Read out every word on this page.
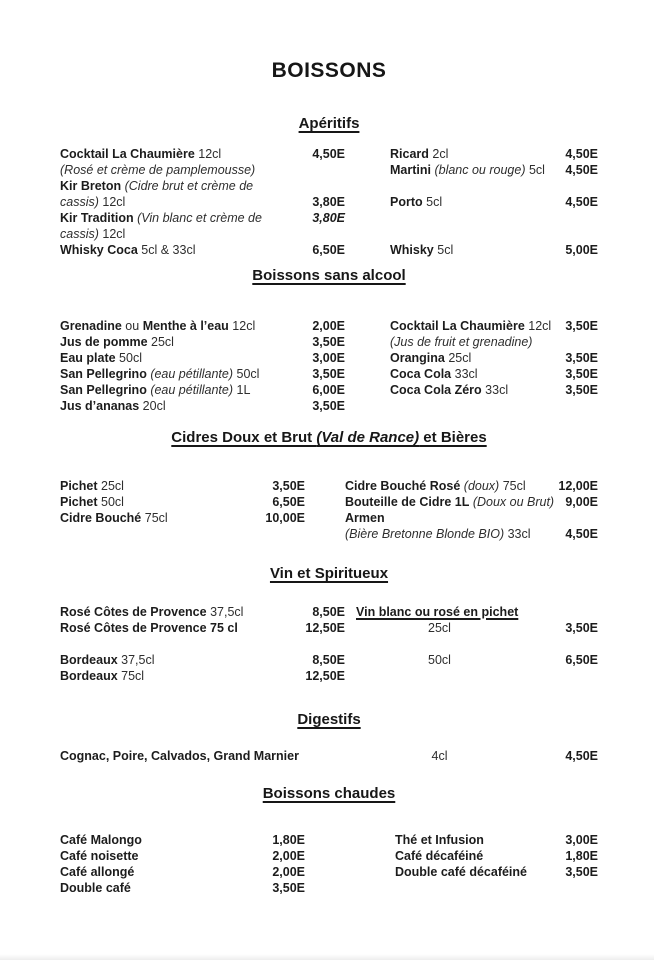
BOISSONS
Apéritifs
Cocktail La Chaumière 12cl	4,50E	Ricard 2cl	4,50E
(Rosé et crème de pamplemousse)	Martini (blanc ou rouge) 5cl	4,50E
Kir Breton (Cidre brut et crème de
cassis) 12cl	3,80E	Porto 5cl	4,50E
Kir Tradition (Vin blanc et crème de	3,80E
cassis) 12cl
Whisky Coca 5cl & 33cl	6,50E	Whisky 5cl	5,00E
Boissons sans alcool
Grenadine ou Menthe à l’eau 12cl	2,00E	Cocktail La Chaumière 12cl	3,50E
Jus de pomme 25cl	3,50E	(Jus de fruit et grenadine)
Eau plate 50cl	3,00E	Orangina 25cl	3,50E
San Pellegrino (eau pétillante) 50cl	3,50E	Coca Cola 33cl	3,50E
San Pellegrino (eau pétillante) 1L	6,00E	Coca Cola Zéro 33cl	3,50E
Jus d’ananas 20cl	3,50E
Cidres Doux et Brut (Val de Rance) et Bières
Pichet 25cl	3,50E	Cidre Bouché Rosé (doux) 75cl	12,00E
Pichet 50cl	6,50E	Bouteille de Cidre 1L (Doux ou Brut) 9,00E
Cidre Bouché 75cl	10,00E	Armen
(Bière Bretonne Blonde BIO) 33cl	4,50E
Vin et Spiritueux
Rosé Côtes de Provence 37,5cl	8,50E Vin blanc ou rosé en pichet
Rosé Côtes de Provence 75 cl	12,50E	25cl	3,50E
Bordeaux 37,5cl	8,50E	50cl	6,50E
Bordeaux 75cl	12,50E
Digestifs
Cognac, Poire, Calvados, Grand Marnier	4cl	4,50E
Boissons chaudes
Café Malongo	1,80E	Thé et Infusion	3,00E
Café noisette	2,00E	Café décaféiné	1,80E
Café allongé	2,00E	Double café décaféiné	3,50E
Double café	3,50E
